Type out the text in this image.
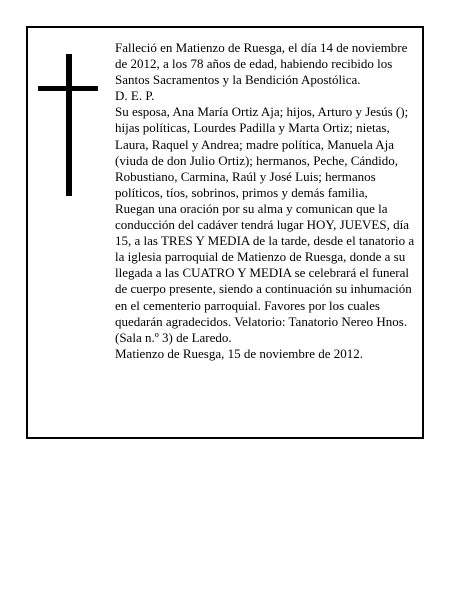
Falleció en Matienzo de Ruesga, el día 14 de noviembre de 2012, a los 78 años de edad, habiendo recibido los Santos Sacramentos y la Bendición Apostólica.

D. E. P.

Su esposa, Ana María Ortiz Aja; hijos, Arturo y Jesús (); hijas políticas, Lourdes Padilla y Marta Ortiz; nietas, Laura, Raquel y Andrea; madre política, Manuela Aja (viuda de don Julio Ortiz); hermanos, Peche, Cándido, Robustiano, Carmina, Raúl y José Luis; hermanos políticos, tíos, sobrinos, primos y demás familia,

Ruegan una oración por su alma y comunican que la conducción del cadáver tendrá lugar HOY, JUEVES, día 15, a las TRES Y MEDIA de la tarde, desde el tanatorio a la iglesia parroquial de Matienzo de Ruesga, donde a su llegada a las CUATRO Y MEDIA se celebrará el funeral de cuerpo presente, siendo a continuación su inhumación en el cementerio parroquial. Favores por los cuales quedarán agradecidos. Velatorio: Tanatorio Nereo Hnos. (Sala n.º 3) de Laredo.

Matienzo de Ruesga, 15 de noviembre de 2012.
